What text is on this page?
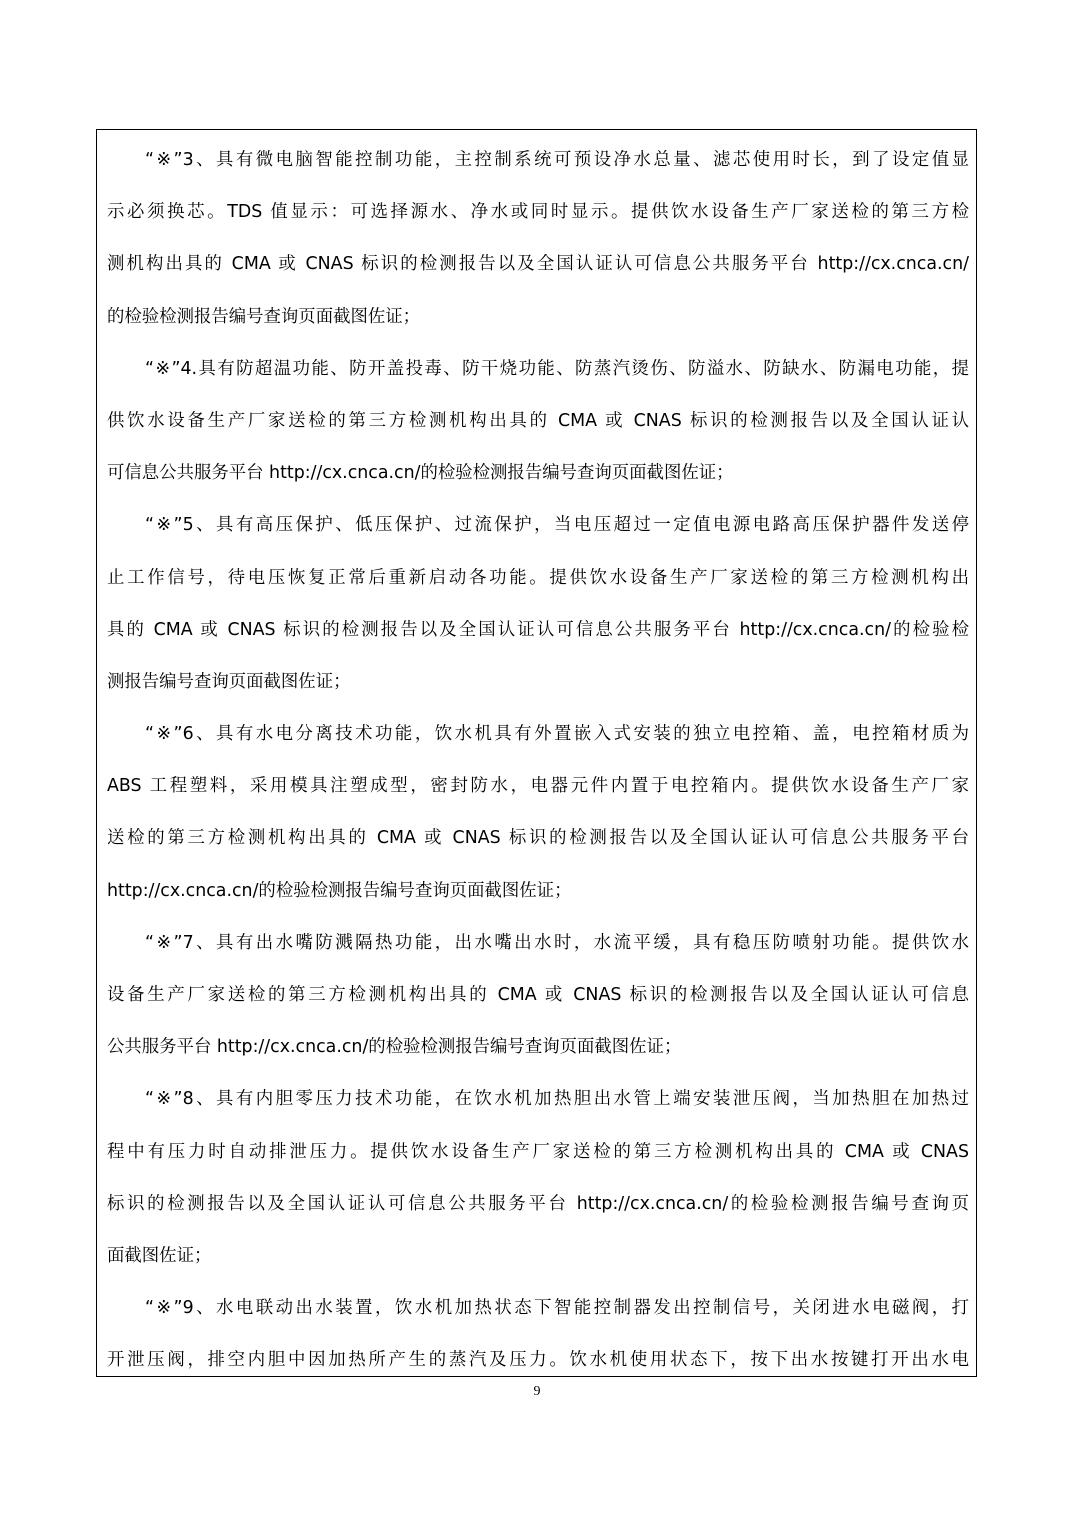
“※”3、具有微电脑智能控制功能，主控制系统可预设净水总量、滤芯使用时长，到了设定值显
示必须换芯。TDS 值显示：可选择源水、净水或同时显示。提供饮水设备生产厂家送检的第三方检
测机构出具的 CMA 或 CNAS 标识的检测报告以及全国认证认可信息公共服务平台 http://cx.cnca.cn/
的检验检测报告编号查询页面截图佐证；
“※”4.具有防超温功能、防开盖投毒、防干烧功能、防蒸汽烫伤、防溢水、防缺水、防漏电功能，提
供饮水设备生产厂家送检的第三方检测机构出具的 CMA 或 CNAS 标识的检测报告以及全国认证认
可信息公共服务平台 http://cx.cnca.cn/的检验检测报告编号查询页面截图佐证；
“※”5、具有高压保护、低压保护、过流保护，当电压超过一定值电源电路高压保护器件发送停
止工作信号，待电压恢复正常后重新启动各功能。提供饮水设备生产厂家送检的第三方检测机构出
具的 CMA 或 CNAS 标识的检测报告以及全国认证认可信息公共服务平台 http://cx.cnca.cn/的检验检
测报告编号查询页面截图佐证；
“※”6、具有水电分离技术功能，饮水机具有外置嵌入式安装的独立电控箱、盖，电控箱材质为
ABS 工程塑料，采用模具注塑成型，密封防水，电器元件内置于电控箱内。提供饮水设备生产厂家
送检的第三方检测机构出具的 CMA 或 CNAS 标识的检测报告以及全国认证认可信息公共服务平台
http://cx.cnca.cn/的检验检测报告编号查询页面截图佐证；
“※”7、具有出水嘴防溅隔热功能，出水嘴出水时，水流平缓，具有稳压防喷射功能。提供饮水
设备生产厂家送检的第三方检测机构出具的 CMA 或 CNAS 标识的检测报告以及全国认证认可信息
公共服务平台 http://cx.cnca.cn/的检验检测报告编号查询页面截图佐证；
“※”8、具有内胆零压力技术功能，在饮水机加热胆出水管上端安装泄压阀，当加热胆在加热过
程中有压力时自动排泄压力。提供饮水设备生产厂家送检的第三方检测机构出具的 CMA 或 CNAS
标识的检测报告以及全国认证认可信息公共服务平台 http://cx.cnca.cn/的检验检测报告编号查询页
面截图佐证；
“※”9、水电联动出水装置，饮水机加热状态下智能控制器发出控制信号，关闭进水电磁阀，打
开泄压阀，排空内胆中因加热所产生的蒸汽及压力。饮水机使用状态下，按下出水按键打开出水电
9
